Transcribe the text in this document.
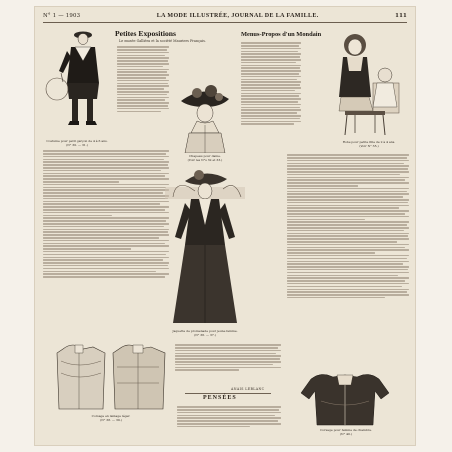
N° 1 — 1903	LA MODE ILLUSTRÉE, JOURNAL DE LA FAMILLE.	111
Costume pour petit garçon de 4 à 6 ans.
(N° 30. — 31.)
Petites Expositions
Le musée Galliéra et la société Mauriers Français.
Chapeau pour dame.
(Voir les N°s 32 et 33.)
Jaquette de promenade pour jeune femme.
(N° 36. — 37.)
Menus-Propos d'un Mondain
Robe pour petite fille de 2 à 4 ans.
(Voir N° 35.)
Corsage en lainage léger.
(N° 38. — 39.)
ANAIS LEBLANC
PENSÉES
Corsage pour femme de chambre.
(N° 40.)
